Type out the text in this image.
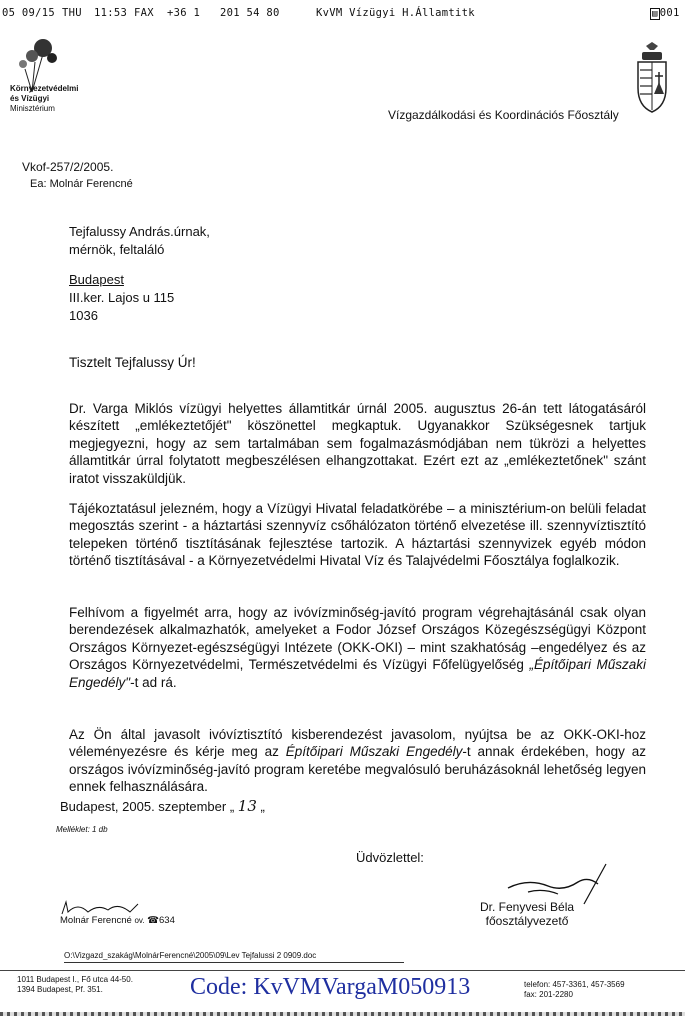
05 09/15 THU 11:53 FAX +36 1   201 54 80	KvVM Vízügyi H.Államtitk	▤ 001
Környezetvédelmi
és Vízügyi
Minisztérium	Vízgazdálkodási és Koordinációs Főosztály
Vkof-257/2/2005.
Ea: Molnár Ferencné
Tejfalussy András.úrnak,
mérnök, feltaláló
Budapest
III.ker. Lajos u 115
1036
Tisztelt Tejfalussy Úr!

Dr. Varga Miklós vízügyi helyettes államtitkár úrnál 2005. augusztus 26-án tett látogatásáról készített „emlékeztetőjét" köszönettel megkaptuk. Ugyanakkor Szükségesnek tartjuk megjegyezni, hogy az sem tartalmában sem fogalmazásmódjában nem tükrözi a helyettes államtitkár úrral folytatott megbeszélésen elhangzottakat. Ezért ezt az „emlékeztetőnek" szánt iratot visszaküldjük.

Tájékoztatásul jelezném, hogy a Vízügyi Hivatal feladatkörébe – a minisztérium-on belüli feladat megosztás szerint - a háztartási szennyvíz csőhálózaton történő elvezetése ill. szennyvíztisztító telepeken történő tisztításának fejlesztése tartozik. A háztartási szennyvizek egyéb módon történő tisztításával - a Környezetvédelmi Hivatal Víz és Talajvédelmi Főosztálya foglalkozik.

Felhívom a figyelmét arra, hogy az ivóvízminőség-javító program végrehajtásánál csak olyan berendezések alkalmazhatók, amelyeket a Fodor József Országos Közegészségügyi Központ Országos Környezet-egészségügyi Intézete (OKK-OKI) – mint szakhatóság –engedélyez és az Országos Környezetvédelmi, Természetvédelmi és Vízügyi Főfelügyelőség „Építőipari Műszaki Engedély"-t ad rá.

Az Ön által javasolt ivóvíztisztító kisberendezést javasolom, nyújtsa be az OKK-OKI-hoz véleményezésre és kérje meg az Építőipari Műszaki Engedély-t annak érdekében, hogy az országos ivóvízminőség-javító program keretébe megvalósuló beruházásoknál lehetőség legyen ennek felhasználására.

Budapest, 2005. szeptember „ 13 „
Melléklet: 1 db
Üdvözlettel:
Dr. Fenyvesi Béla
főosztályvezető
Molnár Ferencné ov. ☎634
O:\Vizgazd_szakág\MolnárFerencné\2005\09\Lev Tejfalussi 2 0909.doc
1011 Budapest I., Fő utca 44-50.
1394 Budapest, Pf. 351.	Code: KvVMVargaM050913	telefon: 457-3361, 457-3569
fax: 201-2280
